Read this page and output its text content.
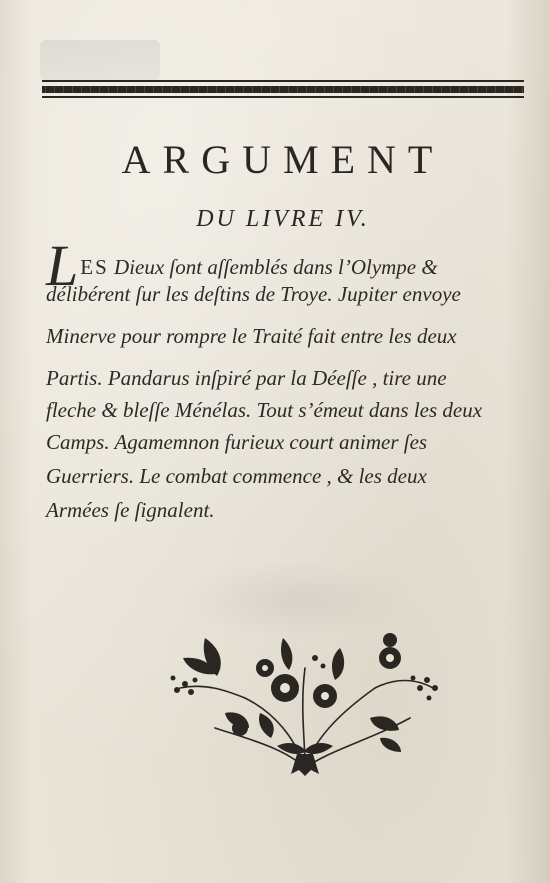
ARGUMENT
DU LIVRE IV.
LES Dieux ſont aſſemblés dans l’Olympe &
délibérent ſur les deſtins de Troye. Jupiter envoye
Minerve pour rompre le Traité fait entre les deux
Partis. Pandarus inſpiré par la Déeſſe , tire une
fleche & bleſſe Ménélas. Tout s’émeut dans les deux
Camps. Agamemnon furieux court animer ſes
Guerriers. Le combat commence , & les deux
Armées ſe ſignalent.
